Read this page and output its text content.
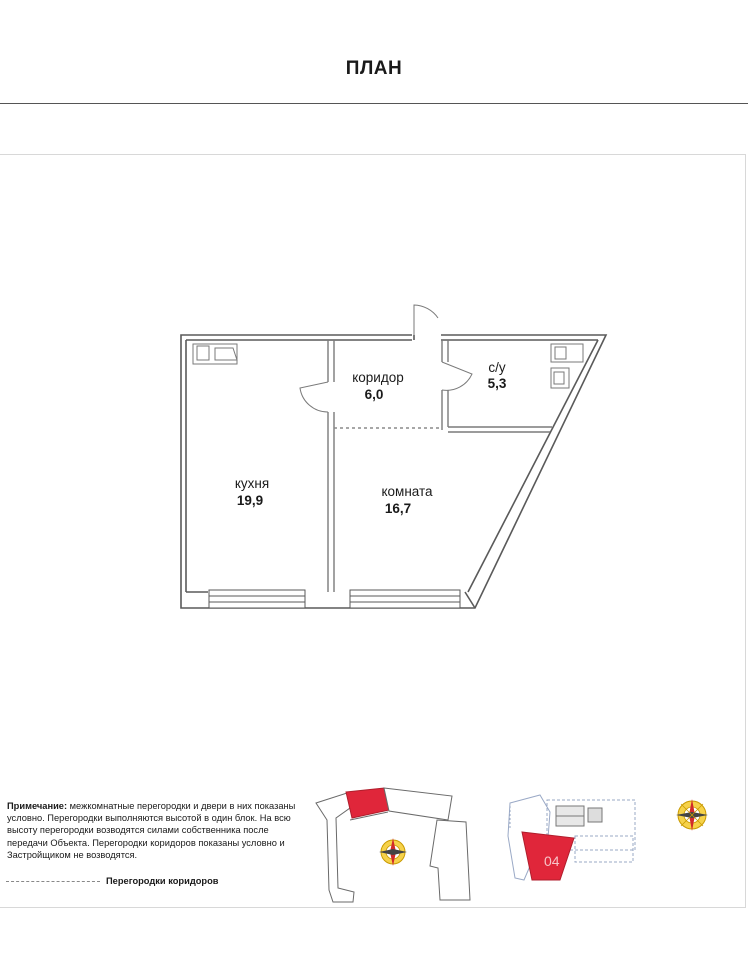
ПЛАН
кухня
19,9
комната
16,7
коридор
6,0
с/у
5,3
04
Примечание: межкомнатные перегородки и двери в них показаны условно. Перегородки выполняются высотой в один блок. На всю высоту перегородки возводятся силами собственника после передачи Объекта. Перегородки коридоров показаны условно и Застройщиком не возводятся.
Перегородки коридоров
